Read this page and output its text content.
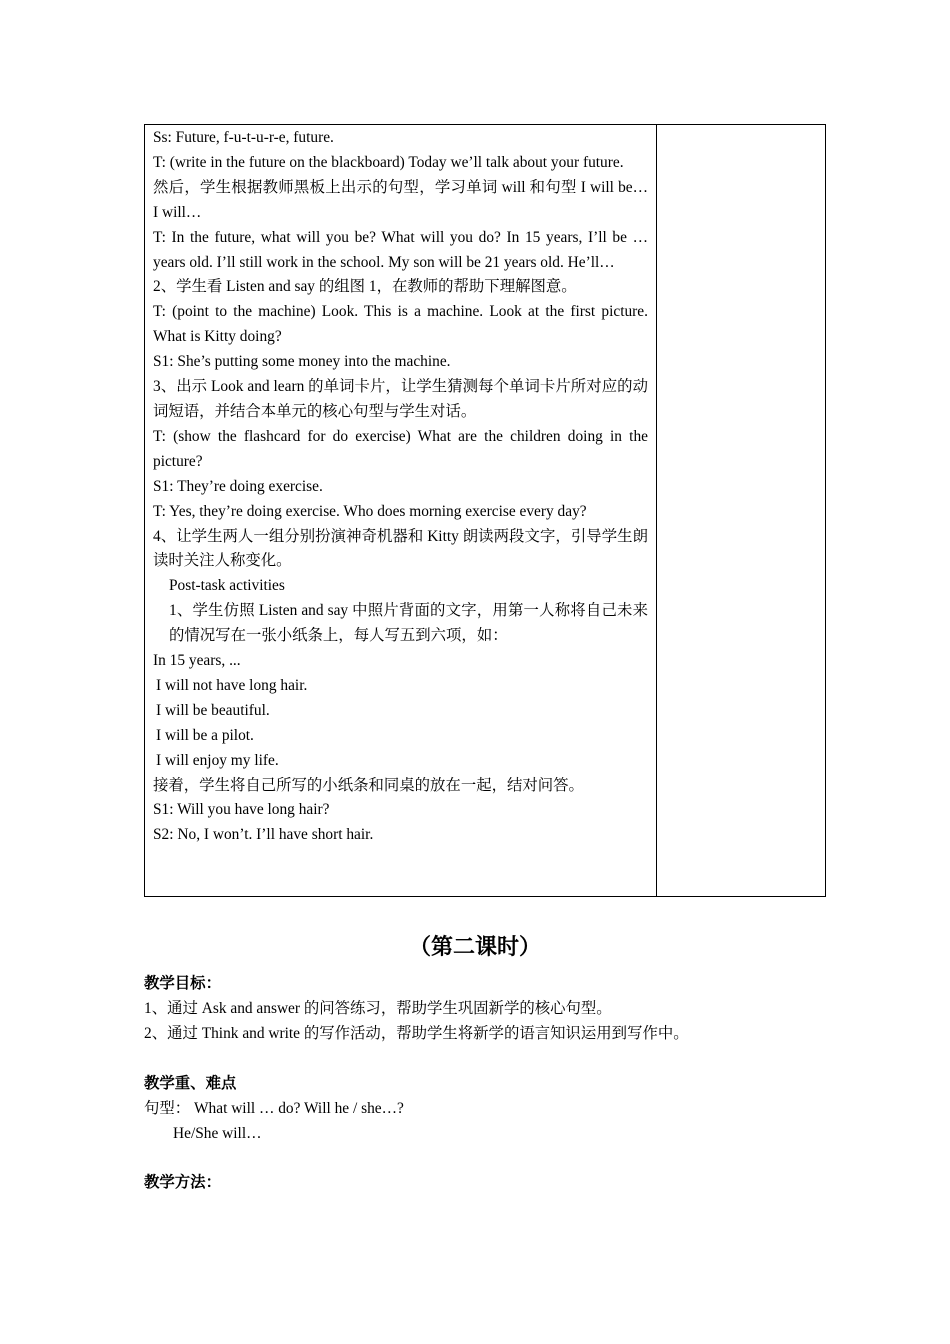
Ss: Future, f-u-t-u-r-e, future.

T: (write in the future on the blackboard) Today we’ll talk about your future.

然后，学生根据教师黑板上出示的句型，学习单词 will 和句型 I will be… I will…

T: In the future, what will you be? What will you do? In 15 years, I’ll be … years old. I’ll still work in the school. My son will be 21 years old. He’ll…

2、学生看 Listen and say 的组图 1，在教师的帮助下理解图意。

T: (point to the machine) Look. This is a machine. Look at the first picture. What is Kitty doing?

S1: She’s putting some money into the machine.

3、出示 Look and learn 的单词卡片，让学生猜测每个单词卡片所对应的动词短语，并结合本单元的核心句型与学生对话。

T: (show the flashcard for do exercise) What are the children doing in the picture?

S1: They’re doing exercise.

T: Yes, they’re doing exercise. Who does morning exercise every day?

4、让学生两人一组分别扮演神奇机器和 Kitty 朗读两段文字，引导学生朗读时关注人称变化。

Post-task activities

1、学生仿照 Listen and say 中照片背面的文字，用第一人称将自己未来的情况写在一张小纸条上，每人写五到六项，如：

In 15 years, ...

I will not have long hair.

I will be beautiful.

I will be a pilot.

I will enjoy my life.

接着，学生将自己所写的小纸条和同桌的放在一起，结对问答。

S1: Will you have long hair?

S2: No, I won’t. I’ll have short hair.

（第二课时）

教学目标：

1、通过 Ask and answer 的问答练习，帮助学生巩固新学的核心句型。

2、通过 Think and write 的写作活动，帮助学生将新学的语言知识运用到写作中。

教学重、难点

句型： What will … do? Will he / she…?

He/She will…

教学方法：
